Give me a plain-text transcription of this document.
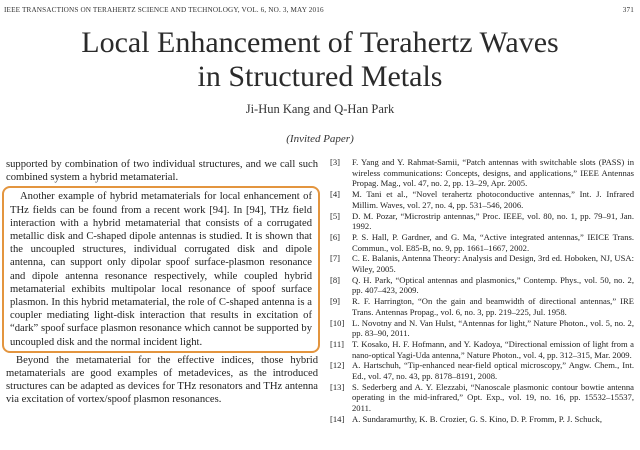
IEEE TRANSACTIONS ON TERAHERTZ SCIENCE AND TECHNOLOGY, VOL. 6, NO. 3, MAY 2016	371
Local Enhancement of Terahertz Waves
in Structured Metals
Ji-Hun Kang and Q-Han Park
(Invited Paper)

supported by combination of two individual structures, and we call such combined system a hybrid metamaterial.

Another example of hybrid metamaterials for local enhancement of THz fields can be found from a recent work [94]. In [94], THz field interaction with a hybrid metamaterial that consists of a corrugated metallic disk and C-shaped dipole antennas is studied. It is shown that the uncoupled structures, individual corrugated disk and dipole antenna, can support only dipolar spoof surface-plasmon resonance and dipole antenna resonance respectively, while coupled hybrid metamaterial exhibits multipolar local resonance of spoof surface plasmon. In this hybrid metamaterial, the role of C-shaped antenna is a coupler mediating light-disk interaction that results in excitation of “dark” spoof surface plasmon resonance which cannot be supported by uncoupled disk and the normal incident light.

Beyond the metamaterial for the effective indices, those hybrid metamaterials are good examples of metadevices, as the introduced structures can be adapted as devices for THz resonators and THz antenna via excitation of vortex/spoof plasmon resonances.

[3] F. Yang and Y. Rahmat-Samii, “Patch antennas with switchable slots (PASS) in wireless communications: Concepts, designs, and applications,” IEEE Antennas Propag. Mag., vol. 47, no. 2, pp. 13–29, Apr. 2005.
[4] M. Tani et al., “Novel terahertz photoconductive antennas,” Int. J. Infrared Millim. Waves, vol. 27, no. 4, pp. 531–546, 2006.
[5] D. M. Pozar, “Microstrip antennas,” Proc. IEEE, vol. 80, no. 1, pp. 79–91, Jan. 1992.
[6] P. S. Hall, P. Gardner, and G. Ma, “Active integrated antennas,” IEICE Trans. Commun., vol. E85-B, no. 9, pp. 1661–1667, 2002.
[7] C. E. Balanis, Antenna Theory: Analysis and Design, 3rd ed. Hoboken, NJ, USA: Wiley, 2005.
[8] Q. H. Park, “Optical antennas and plasmonics,” Contemp. Phys., vol. 50, no. 2, pp. 407–423, 2009.
[9] R. F. Harrington, “On the gain and beamwidth of directional antennas,” IRE Trans. Antennas Propag., vol. 6, no. 3, pp. 219–225, Jul. 1958.
[10] L. Novotny and N. Van Hulst, “Antennas for light,” Nature Photon., vol. 5, no. 2, pp. 83–90, 2011.
[11] T. Kosako, H. F. Hofmann, and Y. Kadoya, “Directional emission of light from a nano-optical Yagi-Uda antenna,” Nature Photon., vol. 4, pp. 312–315, Mar. 2009.
[12] A. Hartschuh, “Tip-enhanced near-field optical microscopy,” Angw. Chem., Int. Ed., vol. 47, no. 43, pp. 8178–8191, 2008.
[13] S. Sederberg and A. Y. Elezzabi, “Nanoscale plasmonic contour bowtie antenna operating in the mid-infrared,” Opt. Exp., vol. 19, no. 16, pp. 15532–15537, 2011.
[14] A. Sundaramurthy, K. B. Crozier, G. S. Kino, D. P. Fromm, P. J. Schuck,
